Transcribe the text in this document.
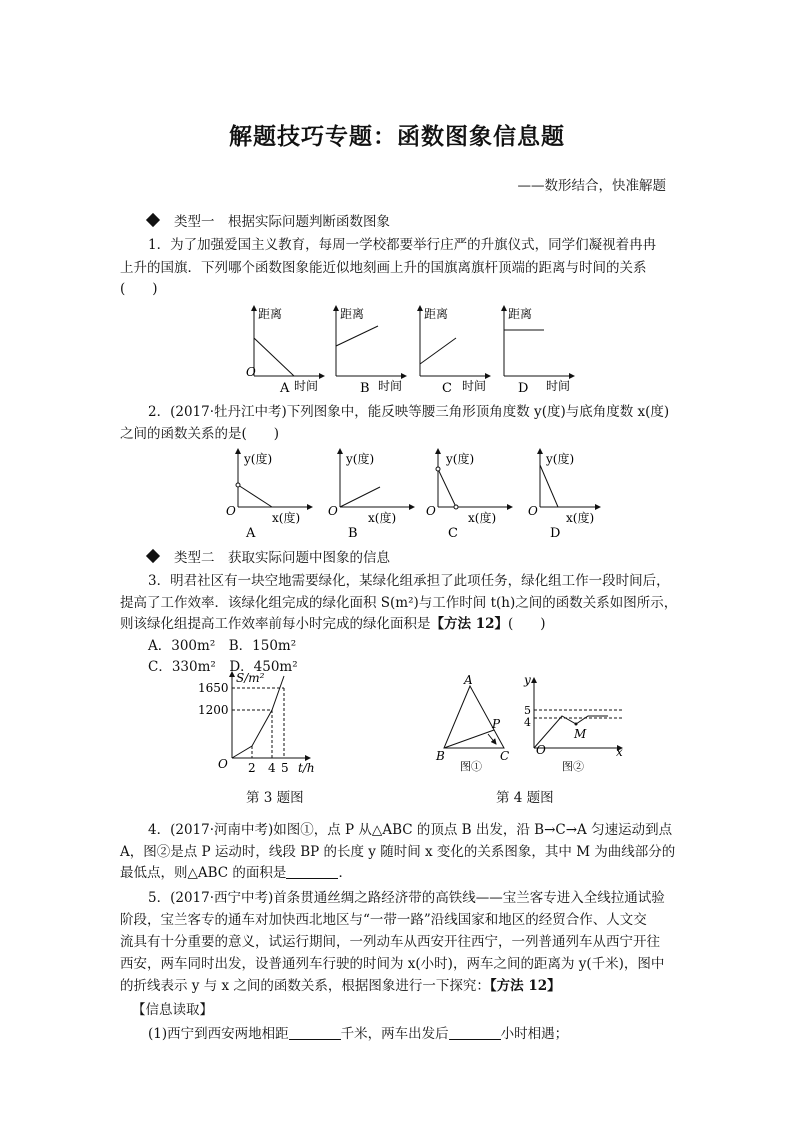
解题技巧专题：函数图象信息题
——数形结合，快准解题
类型一　根据实际问题判断函数图象
1．为了加强爱国主义教育，每周一学校都要举行庄严的升旗仪式，同学们凝视着冉冉
上升的国旗．下列哪个函数图象能近似地刻画上升的国旗离旗杆顶端的距离与时间的关系
(　　)
距离
时间
O
A
距离
时间
B
距离
时间
C
距离
时间
D
2．(2017·牡丹江中考)下列图象中，能反映等腰三角形顶角度数 y(度)与底角度数 x(度)
之间的函数关系的是(　　)
y(度)
x(度)
O
A
y(度)
x(度)
O
B
y(度)
x(度)
O
C
y(度)
x(度)
O
D
类型二　获取实际问题中图象的信息
3．明君社区有一块空地需要绿化，某绿化组承担了此项任务，绿化组工作一段时间后，
提高了工作效率．该绿化组完成的绿化面积 S(m²)与工作时间 t(h)之间的函数关系如图所示，
则该绿化组提高工作效率前每小时完成的绿化面积是【方法 12】(　　)
A．300m²　 B．150m²
C．330m²　 D．450m²
S/m²
1650
1200
2 4 5 t/h
O
第 3 题图
A
B	C
P
图①
y
x
5
4
O
M
图②
第 4 题图
4．(2017·河南中考)如图①，点 P 从△ABC 的顶点 B 出发，沿 B→C→A 匀速运动到点
A，图②是点 P 运动时，线段 BP 的长度 y 随时间 x 变化的关系图象，其中 M 为曲线部分的
最低点，则△ABC 的面积是	．
5．(2017·西宁中考)首条贯通丝绸之路经济带的高铁线——宝兰客专进入全线拉通试验
阶段，宝兰客专的通车对加快西北地区与“一带一路”沿线国家和地区的经贸合作、人文交
流具有十分重要的意义，试运行期间，一列动车从西安开往西宁，一列普通列车从西宁开往
西安，两车同时出发，设普通列车行驶的时间为 x(小时)，两车之间的距离为 y(千米)，图中
的折线表示 y 与 x 之间的函数关系，根据图象进行一下探究：【方法 12】
【信息读取】
(1)西宁到西安两地相距	千米，两车出发后	小时相遇；
